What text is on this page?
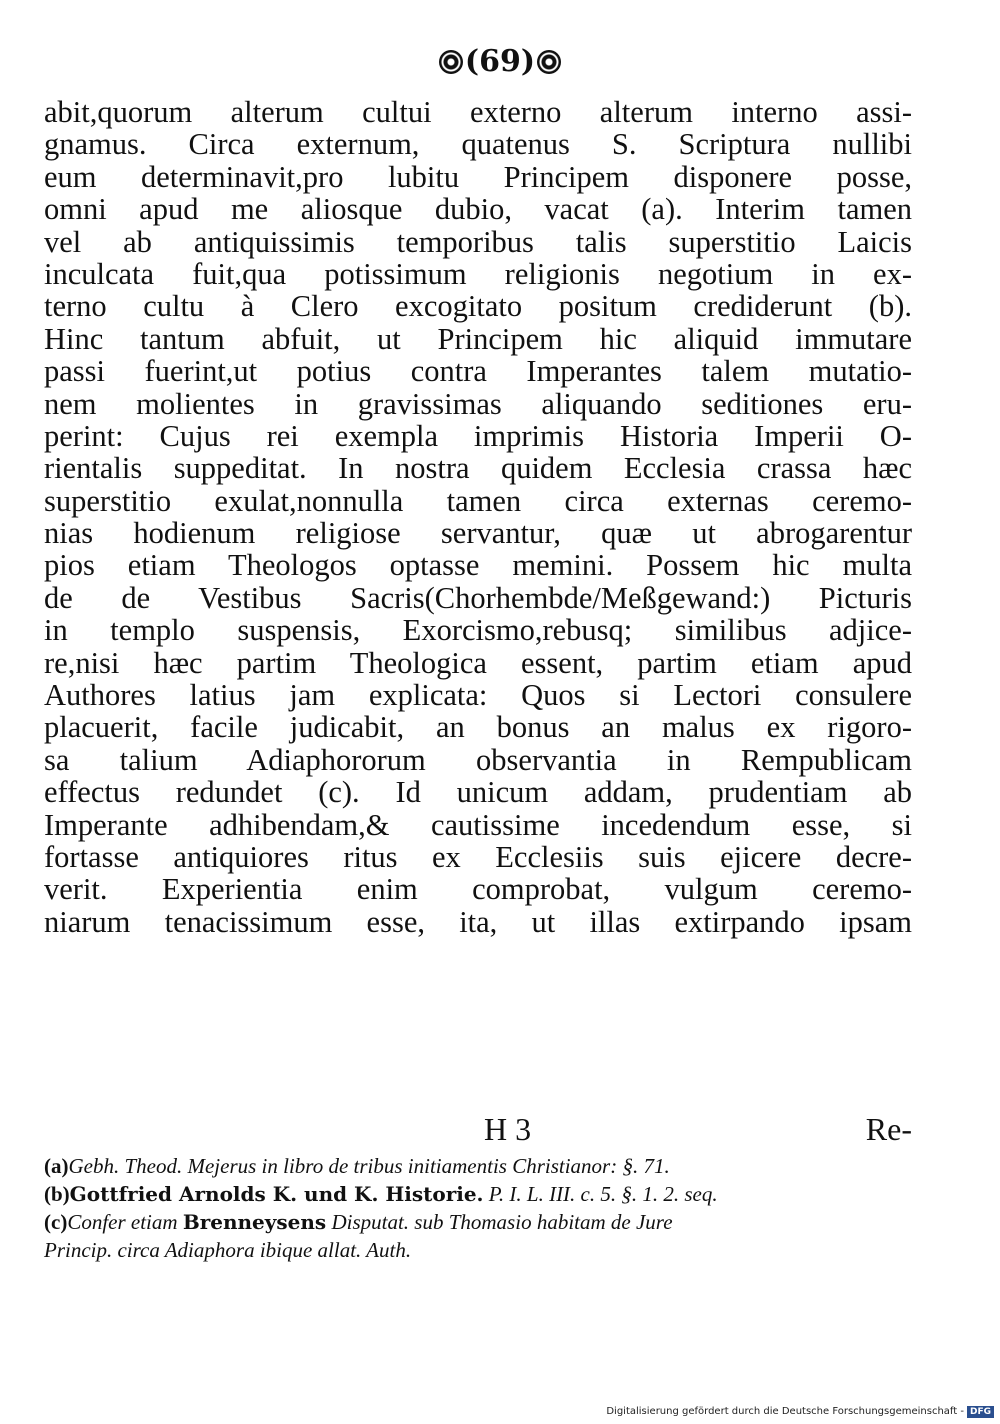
(69)
abit,quorum alterum cultui externo alterum interno assi-
gnamus. Circa externum, quatenus S. Scriptura nullibi
eum determinavit,pro lubitu Principem disponere posse,
omni apud me aliosque dubio, vacat (a). Interim tamen
vel ab antiquissimis temporibus talis superstitio Laicis
inculcata fuit,qua potissimum religionis negotium in ex-
terno cultu à Clero excogitato positum crediderunt (b).
Hinc tantum abfuit, ut Principem hic aliquid immutare
passi fuerint,ut potius contra Imperantes talem mutatio-
nem molientes in gravissimas aliquando seditiones eru-
perint: Cujus rei exempla imprimis Historia Imperii O-
rientalis suppeditat. In nostra quidem Ecclesia crassa hæc
superstitio exulat,nonnulla tamen circa externas ceremo-
nias hodienum religiose servantur, quæ ut abrogarentur
pios etiam Theologos optasse memini. Possem hic multa
de de Vestibus Sacris(Chorhembde/Meßgewand:) Picturis
in templo suspensis, Exorcismo,rebusq; similibus adjice-
re,nisi hæc partim Theologica essent, partim etiam apud
Authores latius jam explicata: Quos si Lectori consulere
placuerit, facile judicabit, an bonus an malus ex rigoro-
sa talium Adiaphororum observantia in Rempublicam
effectus redundet (c). Id unicum addam, prudentiam ab
Imperante adhibendam,& cautissime incedendum esse, si
fortasse antiquiores ritus ex Ecclesiis suis ejicere decre-
verit. Experientia enim comprobat, vulgum ceremo-
niarum tenacissimum esse, ita, ut illas extirpando ipsam
H 3	Re-
(a)Gebh. Theod. Mejerus in libro de tribus initiamentis Christianor: §. 71.
(b)Gottfried Arnolds K. und K. Historie. P. I. L. III. c. 5. §. 1. 2. seq.
(c)Confer etiam Brenneysens Disputat. sub Thomasio habitam de Jure
Princip. circa Adiaphora ibique allat. Auth.
Digitalisierung gefördert durch die Deutsche Forschungsgemeinschaft - DFG
